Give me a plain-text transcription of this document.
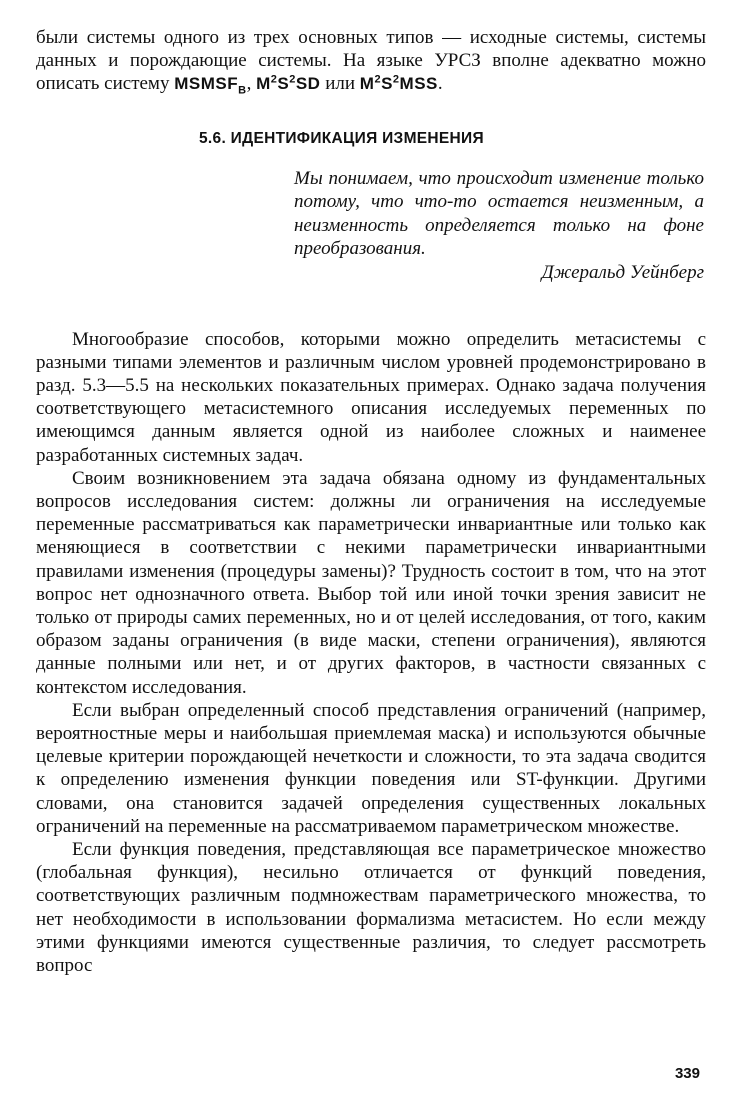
были системы одного из трех основных типов — исходные системы, системы данных и порождающие системы. На языке УРСЗ вполне адекватно можно описать систему $MSMSF_B$, $M^2S^2SD$ или $M^2S^2MSS$.

5.6. ИДЕНТИФИКАЦИЯ ИЗМЕНЕНИЯ

Мы понимаем, что происходит изменение только потому, что что-то остается неизменным, а неизменность определяется только на фоне преобразования.

Джеральд Уейнберг

Многообразие способов, которыми можно определить метасистемы с разными типами элементов и различным числом уровней продемонстрировано в разд. 5.3—5.5 на нескольких показательных примерах. Однако задача получения соответствующего метасистемного описания исследуемых переменных по имеющимся данным является одной из наиболее сложных и наименее разработанных системных задач.

Своим возникновением эта задача обязана одному из фундаментальных вопросов исследования систем: должны ли ограничения на исследуемые переменные рассматриваться как параметрически инвариантные или только как меняющиеся в соответствии с некими параметрически инвариантными правилами изменения (процедуры замены)? Трудность состоит в том, что на этот вопрос нет однозначного ответа. Выбор той или иной точки зрения зависит не только от природы самих переменных, но и от целей исследования, от того, каким образом заданы ограничения (в виде маски, степени ограничения), являются данные полными или нет, и от других факторов, в частности связанных с контекстом исследования.

Если выбран определенный способ представления ограничений (например, вероятностные меры и наибольшая приемлемая маска) и используются обычные целевые критерии порождающей нечеткости и сложности, то эта задача сводится к определению изменения функции поведения или ST-функции. Другими словами, она становится задачей определения существенных локальных ограничений на переменные на рассматриваемом параметрическом множестве.

Если функция поведения, представляющая все параметрическое множество (глобальная функция), несильно отличается от функций поведения, соответствующих различным подмножествам параметрического множества, то нет необходимости в использовании формализма метасистем. Но если между этими функциями имеются существенные различия, то следует рассмотреть вопрос

339
